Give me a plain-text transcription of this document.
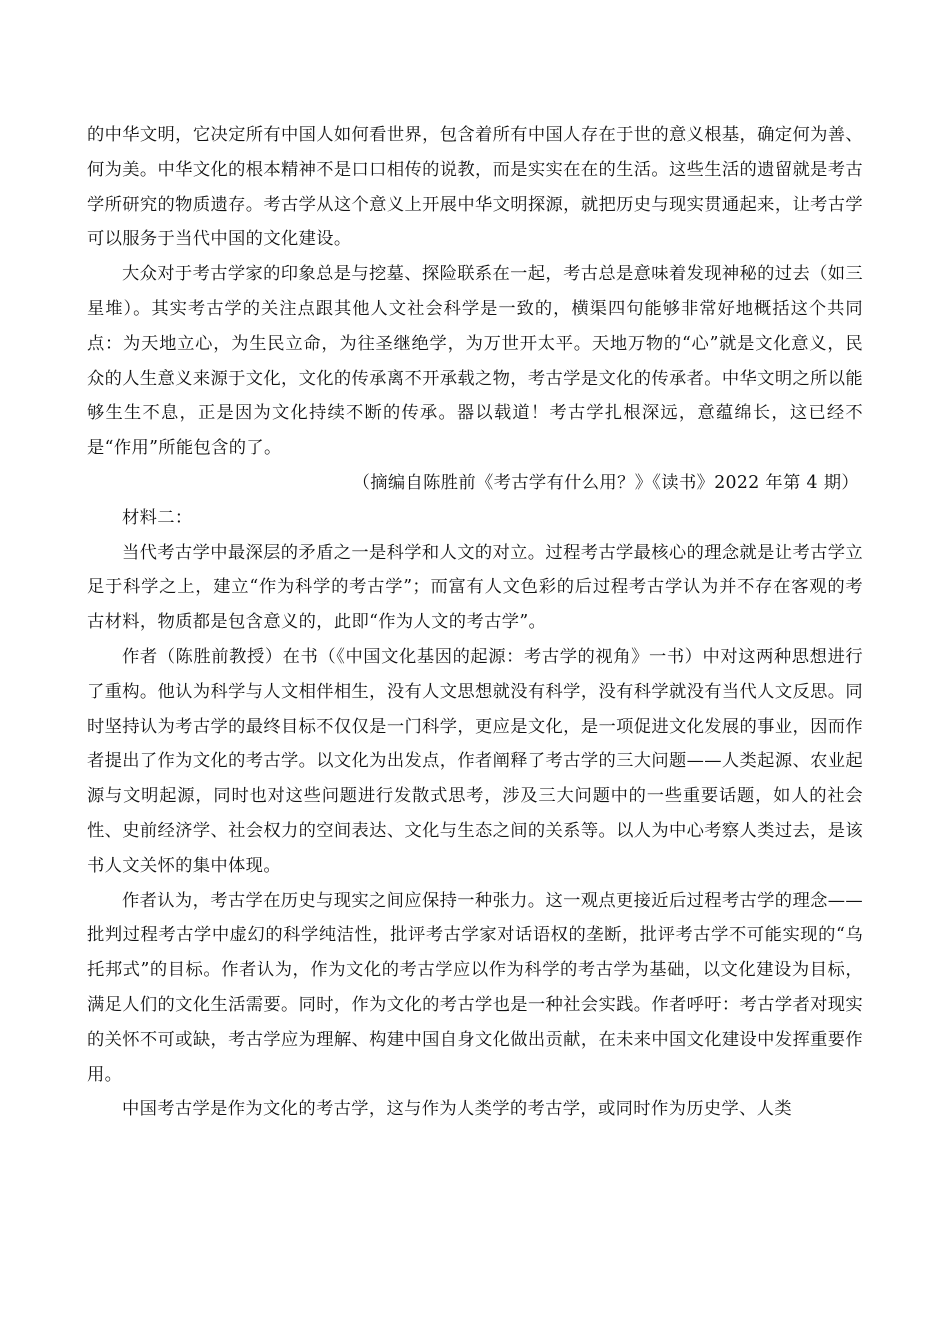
的中华文明，它决定所有中国人如何看世界，包含着所有中国人存在于世的意义根基，确定何为善、何为美。中华文化的根本精神不是口口相传的说教，而是实实在在的生活。这些生活的遗留就是考古学所研究的物质遗存。考古学从这个意义上开展中华文明探源，就把历史与现实贯通起来，让考古学可以服务于当代中国的文化建设。

大众对于考古学家的印象总是与挖墓、探险联系在一起，考古总是意味着发现神秘的过去（如三星堆）。其实考古学的关注点跟其他人文社会科学是一致的，横渠四句能够非常好地概括这个共同点：为天地立心，为生民立命，为往圣继绝学，为万世开太平。天地万物的“心”就是文化意义，民众的人生意义来源于文化，文化的传承离不开承载之物，考古学是文化的传承者。中华文明之所以能够生生不息，正是因为文化持续不断的传承。器以载道！考古学扎根深远，意蕴绵长，这已经不是“作用”所能包含的了。

（摘编自陈胜前《考古学有什么用？》《读书》2022 年第 4 期）

材料二：

当代考古学中最深层的矛盾之一是科学和人文的对立。过程考古学最核心的理念就是让考古学立足于科学之上，建立“作为科学的考古学”；而富有人文色彩的后过程考古学认为并不存在客观的考古材料，物质都是包含意义的，此即“作为人文的考古学”。

作者（陈胜前教授）在书（《中国文化基因的起源：考古学的视角》一书）中对这两种思想进行了重构。他认为科学与人文相伴相生，没有人文思想就没有科学，没有科学就没有当代人文反思。同时坚持认为考古学的最终目标不仅仅是一门科学，更应是文化，是一项促进文化发展的事业，因而作者提出了作为文化的考古学。以文化为出发点，作者阐释了考古学的三大问题——人类起源、农业起源与文明起源，同时也对这些问题进行发散式思考，涉及三大问题中的一些重要话题，如人的社会性、史前经济学、社会权力的空间表达、文化与生态之间的关系等。以人为中心考察人类过去，是该书人文关怀的集中体现。

作者认为，考古学在历史与现实之间应保持一种张力。这一观点更接近后过程考古学的理念——批判过程考古学中虚幻的科学纯洁性，批评考古学家对话语权的垄断，批评考古学不可能实现的“乌托邦式”的目标。作者认为，作为文化的考古学应以作为科学的考古学为基础，以文化建设为目标，满足人们的文化生活需要。同时，作为文化的考古学也是一种社会实践。作者呼吁：考古学者对现实的关怀不可或缺，考古学应为理解、构建中国自身文化做出贡献，在未来中国文化建设中发挥重要作用。

中国考古学是作为文化的考古学，这与作为人类学的考古学，或同时作为历史学、人类
